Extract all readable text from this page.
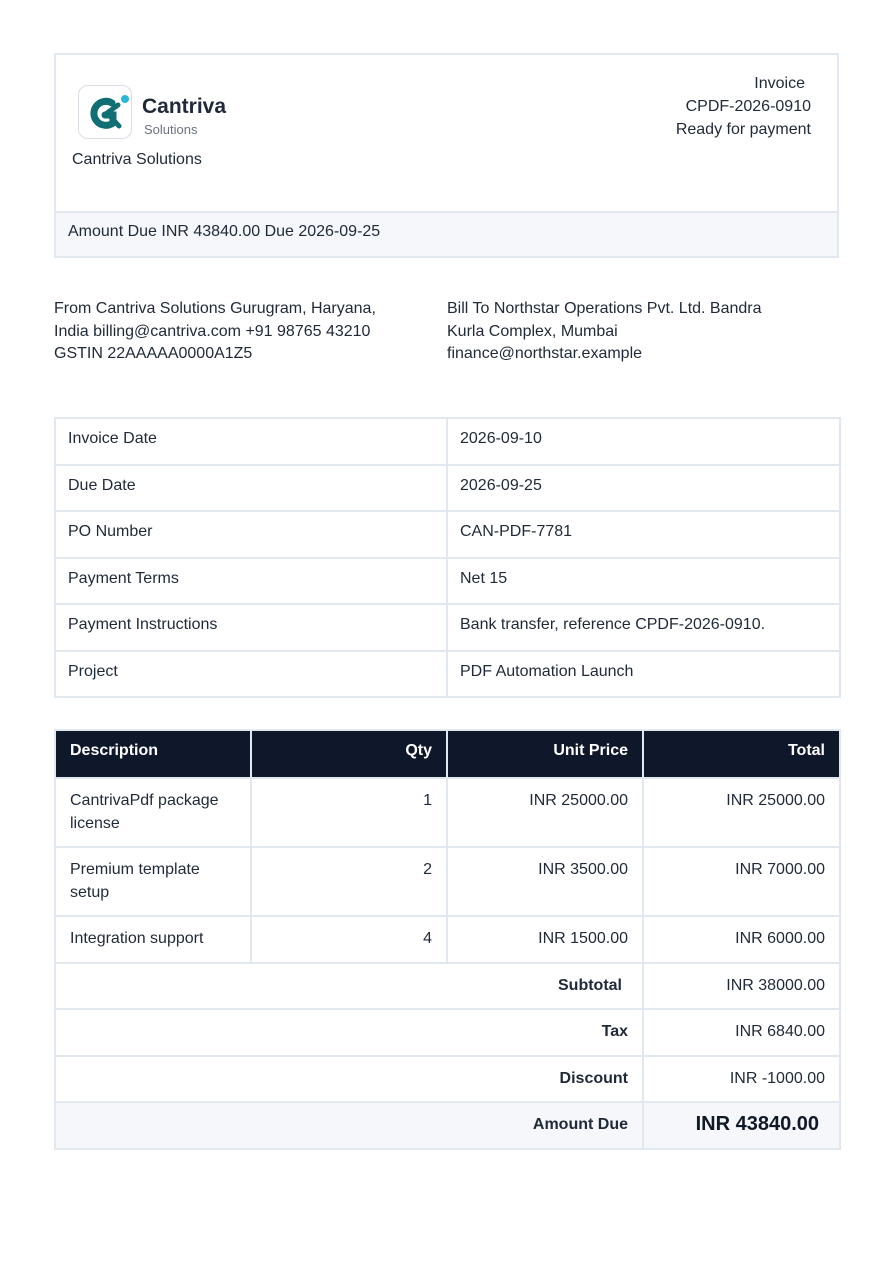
Cantriva
Solutions
Cantriva Solutions
Invoice
CPDF-2026-0910
Ready for payment
Amount Due INR 43840.00 Due 2026-09-25
From Cantriva Solutions Gurugram, Haryana, India billing@cantriva.com +91 98765 43210 GSTIN 22AAAAA0000A1Z5
Bill To Northstar Operations Pvt. Ltd. Bandra Kurla Complex, Mumbai finance@northstar.example
Invoice Date	2026-09-10
Due Date	2026-09-25
PO Number	CAN-PDF-7781
Payment Terms	Net 15
Payment Instructions	Bank transfer, reference CPDF-2026-0910.
Project	PDF Automation Launch
Description	Qty	Unit Price	Total
CantrivaPdf package license	1	INR 25000.00	INR 25000.00
Premium template setup	2	INR 3500.00	INR 7000.00
Integration support	4	INR 1500.00	INR 6000.00
Subtotal			INR 38000.00
Tax			INR 6840.00
Discount			INR -1000.00
Amount Due			INR 43840.00
